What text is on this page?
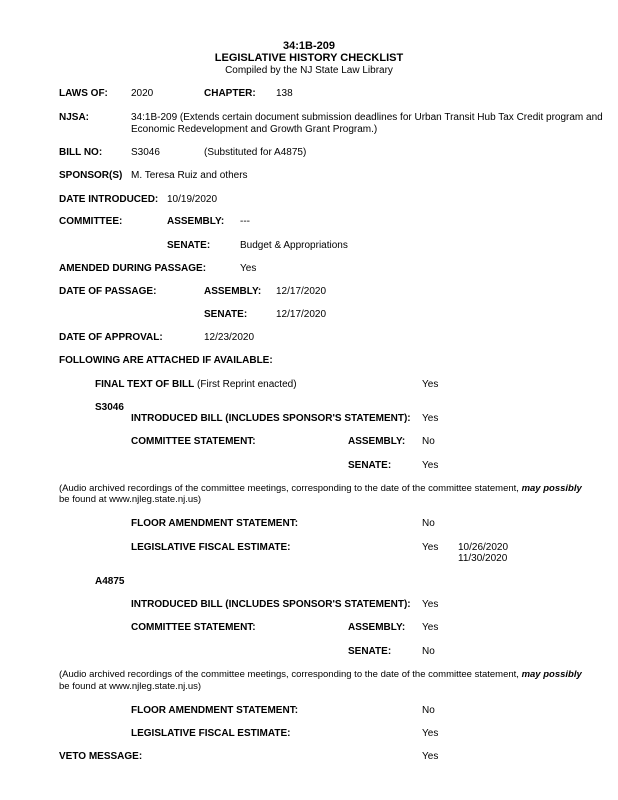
34:1B-209
LEGISLATIVE HISTORY CHECKLIST
Compiled by the NJ State Law Library
LAWS OF: 2020	CHAPTER: 138
NJSA:	34:1B-209 (Extends certain document submission deadlines for Urban Transit Hub Tax Credit program and
Economic Redevelopment and Growth Grant Program.)
BILL NO:	S3046	(Substituted for A4875)
SPONSOR(S) M. Teresa Ruiz and others
DATE INTRODUCED: 10/19/2020
COMMITTEE:	ASSEMBLY: ---
SENATE:	Budget & Appropriations
AMENDED DURING PASSAGE:	Yes
DATE OF PASSAGE:	ASSEMBLY: 12/17/2020
SENATE:	12/17/2020
DATE OF APPROVAL:	12/23/2020
FOLLOWING ARE ATTACHED IF AVAILABLE:
FINAL TEXT OF BILL (First Reprint enacted)	Yes
S3046
INTRODUCED BILL (INCLUDES SPONSOR'S STATEMENT): Yes
COMMITTEE STATEMENT:	ASSEMBLY: No
SENATE:	Yes
(Audio archived recordings of the committee meetings, corresponding to the date of the committee statement, may possibly
be found at www.njleg.state.nj.us)
FLOOR AMENDMENT STATEMENT:	No
LEGISLATIVE FISCAL ESTIMATE:	Yes 10/26/2020
11/30/2020
A4875
INTRODUCED BILL (INCLUDES SPONSOR'S STATEMENT): Yes
COMMITTEE STATEMENT:	ASSEMBLY: Yes
SENATE:	No
(Audio archived recordings of the committee meetings, corresponding to the date of the committee statement, may possibly
be found at www.njleg.state.nj.us)
FLOOR AMENDMENT STATEMENT:	No
LEGISLATIVE FISCAL ESTIMATE:	Yes
VETO MESSAGE:	Yes
